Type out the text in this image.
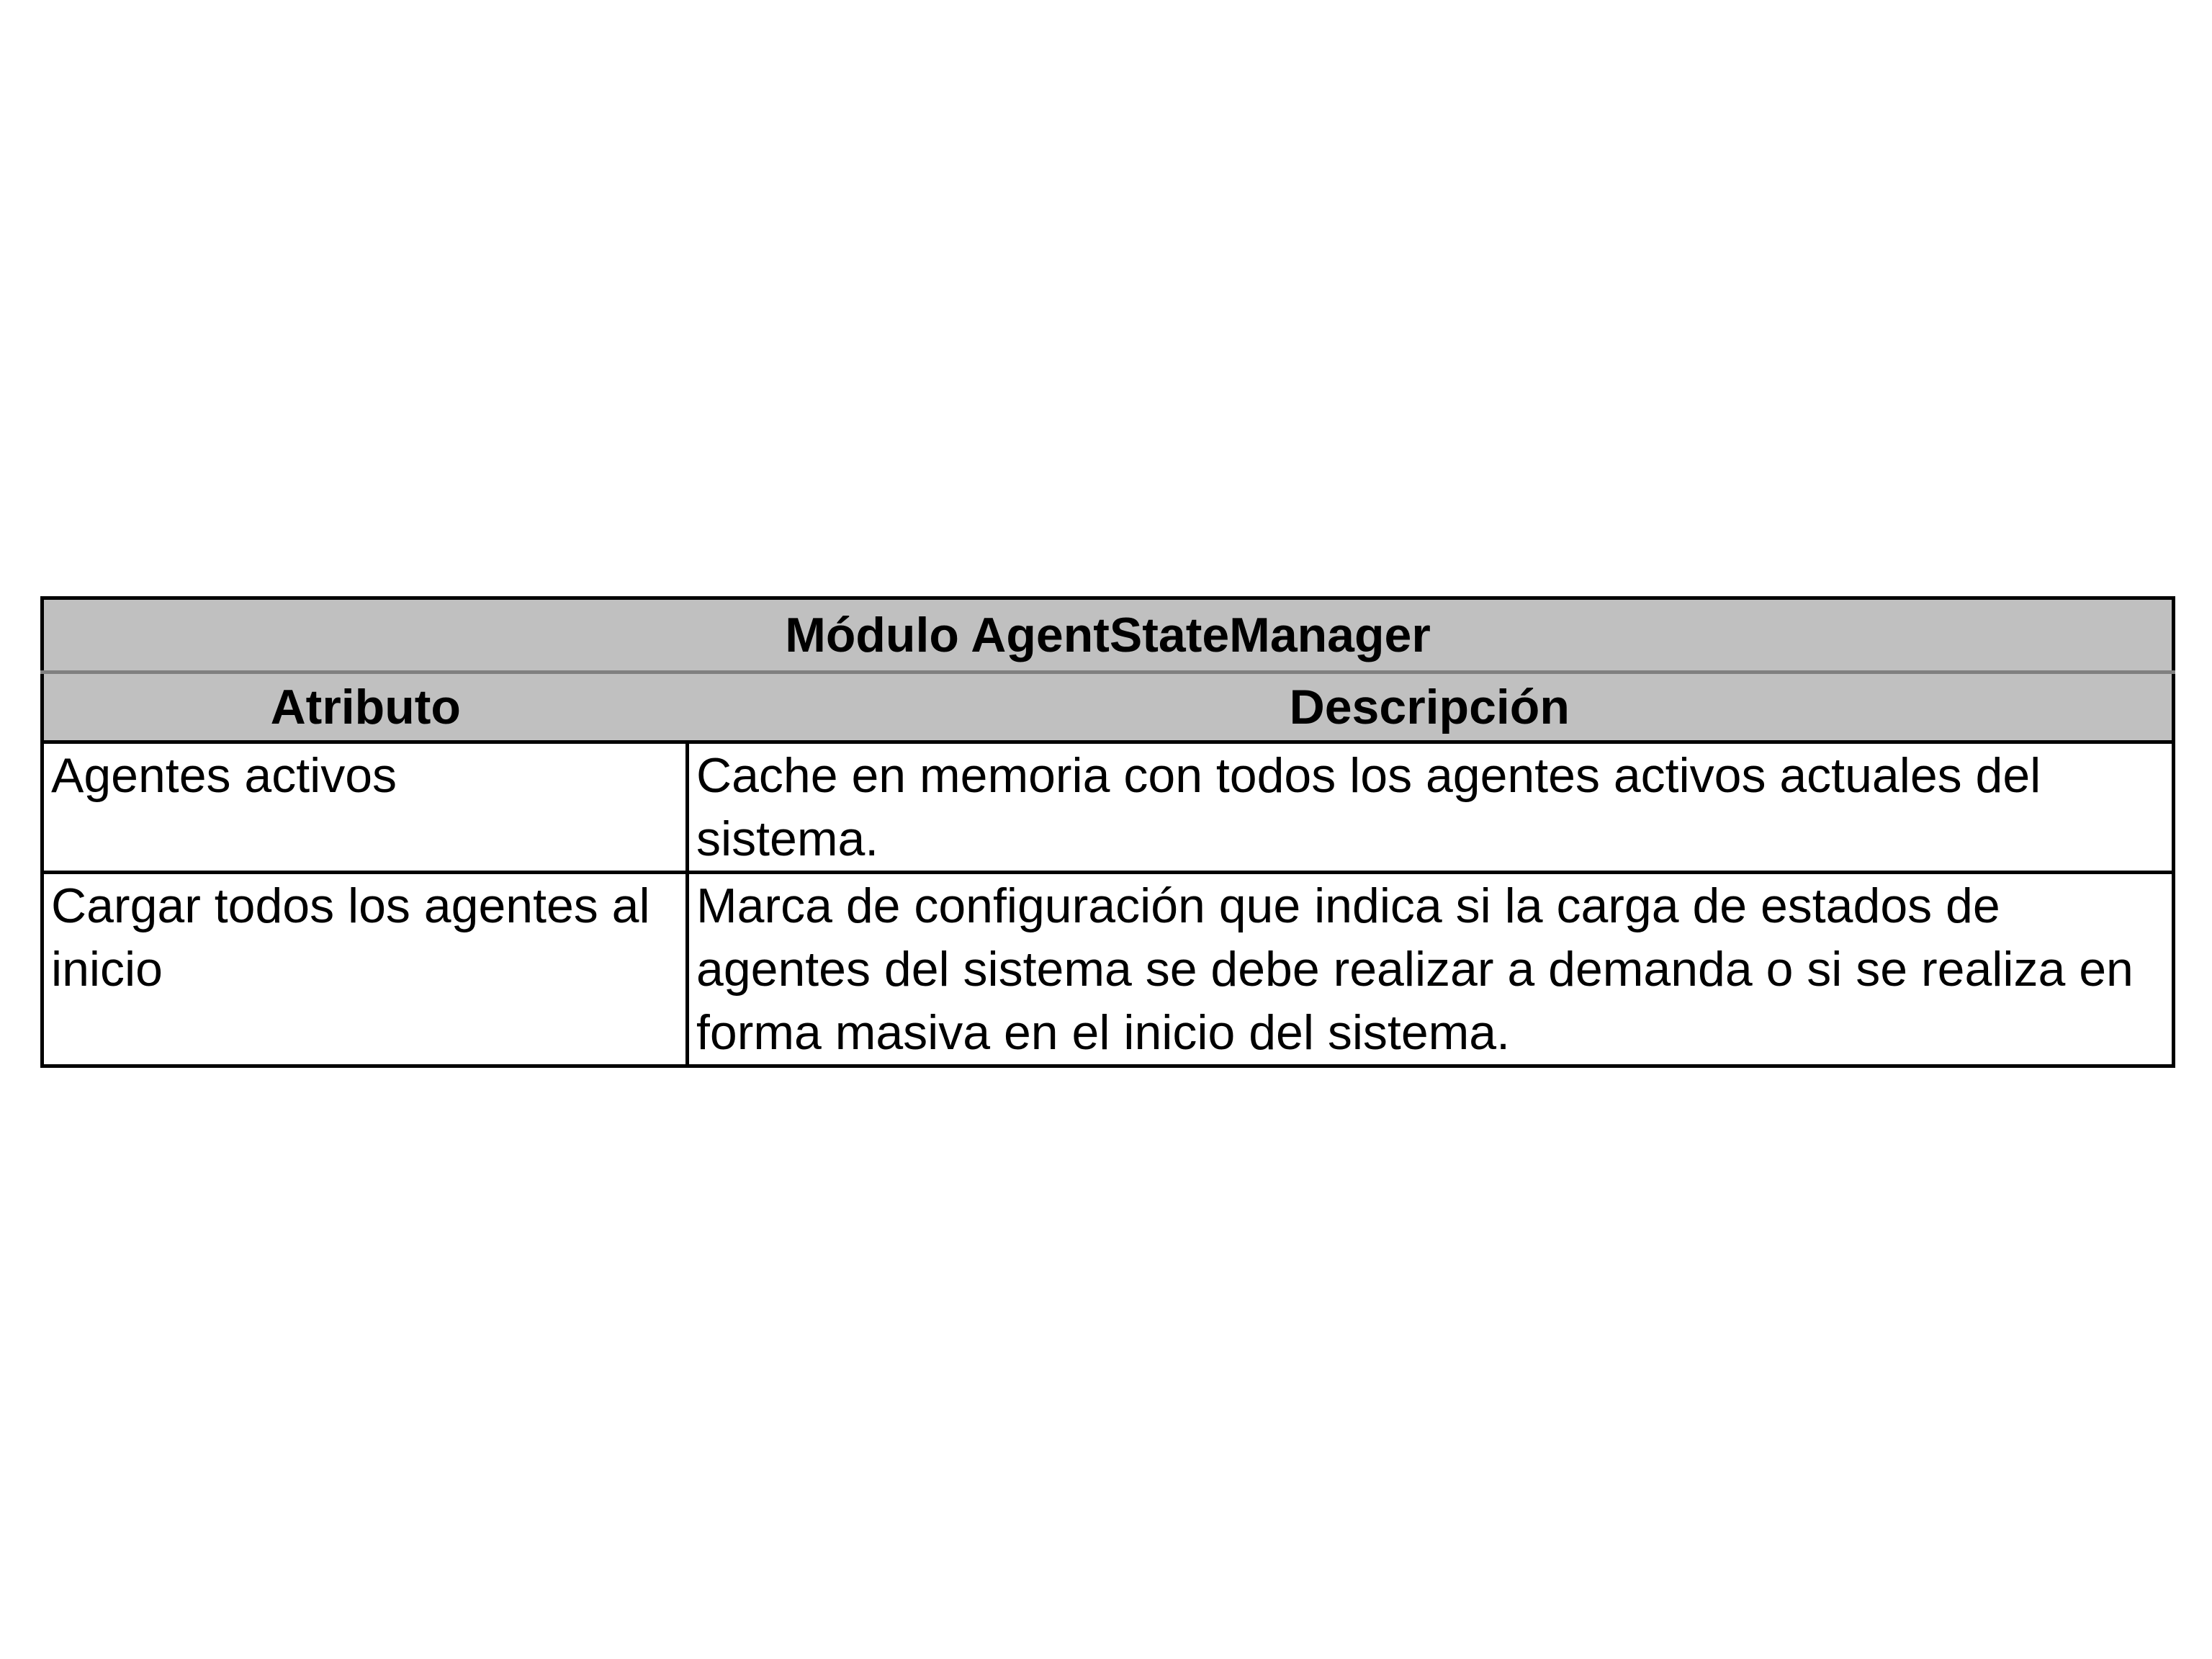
Módulo AgentStateManager	
Atributo	Descripción
Agentes activos	Cache en memoria con todos los agentes activos actuales del sistema.
Cargar todos los agentes al inicio	Marca de configuración que indica si la carga de estados de agentes del sistema se debe realizar a demanda o si se realiza en forma masiva en el inicio del sistema.
